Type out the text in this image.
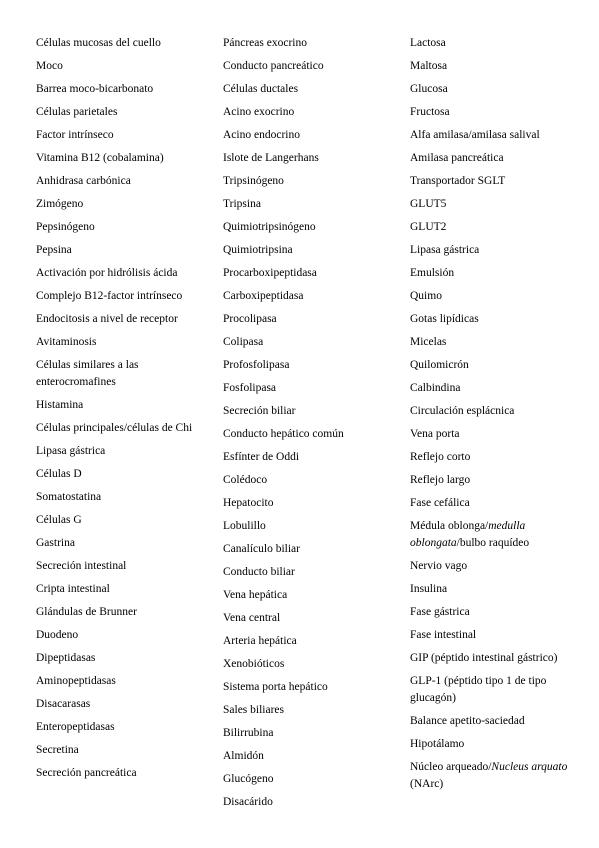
Células mucosas del cuello
Moco
Barrea moco-bicarbonato
Células parietales
Factor intrínseco
Vitamina B12 (cobalamina)
Anhidrasa carbónica
Zimógeno
Pepsinógeno
Pepsina
Activación por hidrólisis ácida
Complejo B12-factor intrínseco
Endocitosis a nivel de receptor
Avitaminosis
Células similares a las enterocromafines
Histamina
Células principales/células de Chi
Lipasa gástrica
Células D
Somatostatina
Células G
Gastrina
Secreción intestinal
Cripta intestinal
Glándulas de Brunner
Duodeno
Dipeptidasas
Aminopeptidasas
Disacarasas
Enteropeptidasas
Secretina
Secreción pancreática
Páncreas exocrino
Conducto pancreático
Células ductales
Acino exocrino
Acino endocrino
Islote de Langerhans
Tripsinógeno
Tripsina
Quimiotripsinógeno
Quimiotripsina
Procarboxipeptidasa
Carboxipeptidasa
Procolipasa
Colipasa
Profosfolipasa
Fosfolipasa
Secreción biliar
Conducto hepático común
Esfínter de Oddi
Colédoco
Hepatocito
Lobulillo
Canalículo biliar
Conducto biliar
Vena hepática
Vena central
Arteria hepática
Xenobióticos
Sistema porta hepático
Sales biliares
Bilirrubina
Almidón
Glucógeno
Disacárido
Lactosa
Maltosa
Glucosa
Fructosa
Alfa amilasa/amilasa salival
Amilasa pancreática
Transportador SGLT
GLUT5
GLUT2
Lipasa gástrica
Emulsión
Quimo
Gotas lipídicas
Micelas
Quilomicrón
Calbindina
Circulación esplácnica
Vena porta
Reflejo corto
Reflejo largo
Fase cefálica
Médula oblonga/medulla oblongata/bulbo raquídeo
Nervio vago
Insulina
Fase gástrica
Fase intestinal
GIP (péptido intestinal gástrico)
GLP-1 (péptido tipo 1 de tipo glucagón)
Balance apetito-saciedad
Hipotálamo
Núcleo arqueado/Nucleus arquato (NArc)
